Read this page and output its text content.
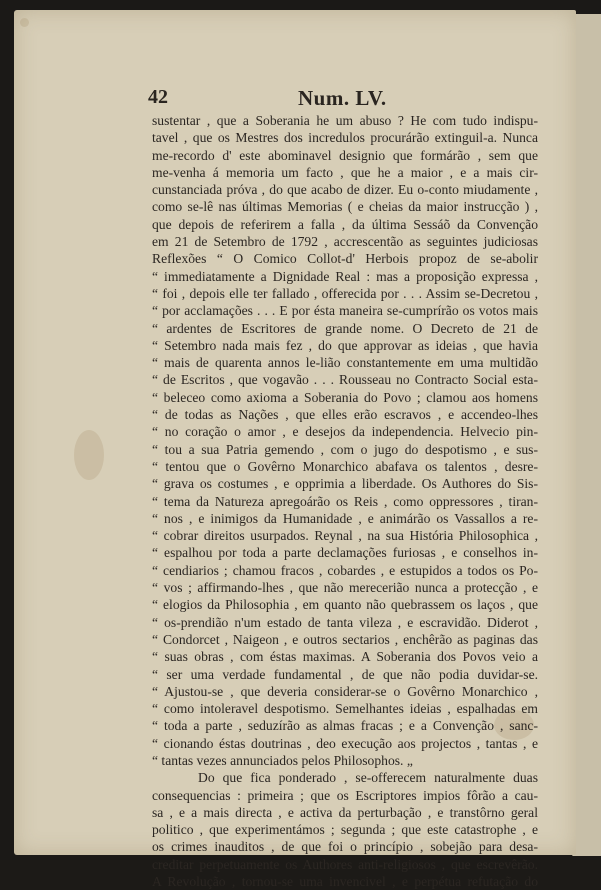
42	Num. LV.
sustentar , que a Soberania he um abuso ? He com tudo indispu-
tavel , que os Mestres dos incredulos procurárão extinguil-a. Nunca
me-recordo d' este abominavel designio que formárão , sem que
me-venha á memoria um facto , que he a maior , e a mais cir-
cunstanciada próva , do que acabo de dizer. Eu o-conto miudamente ,
como se-lê nas últimas Memorias ( e cheias da maior instrucção ) ,
que depois de referirem a falla , da última Sessáõ da Convenção
em 21 de Setembro de 1792 , accrescentão as seguintes judiciosas
Reflexões “ O Comico Collot-d' Herbois propoz de se-abolir
“ immediatamente a Dignidade Real : mas a proposição expressa ,
“ foi , depois elle ter fallado , offerecida por . . . Assim se-Decretou ,
“ por acclamações . . . E por ésta maneira se-cumprírão os votos mais
“ ardentes de Escritores de grande nome. O Decreto de 21 de
“ Setembro nada mais fez , do que approvar as ideias , que havia
“ mais de quarenta annos le-lião constantemente em uma multidão
“ de Escritos , que vogavão . . . Rousseau no Contracto Social esta-
“ beleceo como axioma a Soberania do Povo ; clamou aos homens
“ de todas as Nações , que elles erão escravos , e accendeo-lhes
“ no coração o amor , e desejos da independencia. Helvecio pin-
“ tou a sua Patria gemendo , com o jugo do despotismo , e sus-
“ tentou que o Govêrno Monarchico abafava os talentos , desre-
“ grava os costumes , e opprimia a liberdade. Os Authores do Sis-
“ tema da Natureza apregoárão os Reis , como oppressores , tiran-
“ nos , e inimigos da Humanidade , e animárão os Vassallos a re-
“ cobrar direitos usurpados. Reynal , na sua História Philosophica ,
“ espalhou por toda a parte declamações furiosas , e conselhos in-
“ cendiarios ; chamou fracos , cobardes , e estupidos a todos os Po-
“ vos ; affirmando-lhes , que não merecerião nunca a protecção , e
“ elogios da Philosophia , em quanto não quebrassem os laços , que
“ os-prendião n'um estado de tanta vileza , e escravidão. Diderot ,
“ Condorcet , Naigeon , e outros sectarios , enchêrão as paginas das
“ suas obras , com éstas maximas. A Soberania dos Povos veio a
“ ser uma verdade fundamental , de que não podia duvidar-se.
“ Ajustou-se , que deveria considerar-se o Govêrno Monarchico ,
“ como intoleravel despotismo. Semelhantes ideias , espalhadas em
“ toda a parte , seduzírão as almas fracas ; e a Convenção , sanc-
“ cionando éstas doutrinas , deo execução aos projectos , tantas , e
“ tantas vezes annunciados pelos Philosophos. „
Do que fica ponderado , se-offerecem naturalmente duas
consequencias : primeira ; que os Escriptores impios fôrão a cau-
sa , e a mais directa , e activa da perturbação , e transtôrno geral
politico , que experimentámos ; segunda ; que este catastrophe , e
os crimes inauditos , de que foi o princípio , sobejão para desa-
creditar perpetuamente os Authores anti-religiosos , que escrevêrão.
A Revolução , tornou-se uma invencivel , e perpétua refutação do
